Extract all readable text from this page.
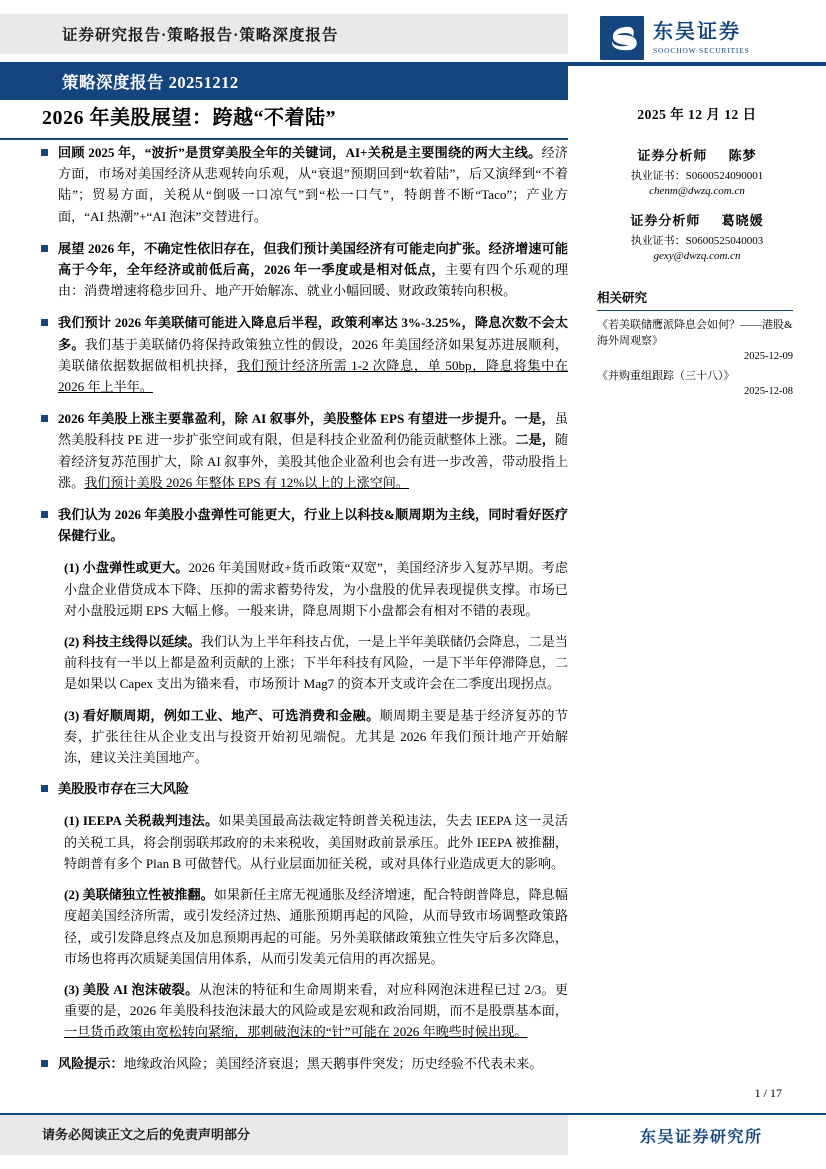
证券研究报告·策略报告·策略深度报告	东吴证券
SOOCHOW SECURITIES
策略深度报告 20251212
2026 年美股展望：跨越“不着陆”	2025 年 12 月 12 日
证券分析师 陈梦
执业证书：S0600524090001
chenm@dwzq.com.cn
证券分析师 葛晓媛
执业证书：S0600525040003
gexy@dwzq.com.cn
相关研究
《若美联储鹰派降息会如何？——港股&海外周观察》
2025-12-09
《并购重组跟踪（三十八）》
2025-12-08
回顾 2025 年，“波折”是贯穿美股全年的关键词，AI+关税是主要围绕的两大主线。经济方面，市场对美国经济从悲观转向乐观，从“衰退”预期回到“软着陆”，后又演绎到“不着陆”；贸易方面，关税从“倒吸一口凉气”到“松一口气”，特朗普不断“Taco”；产业方面，“AI 热潮”+“AI 泡沫”交替进行。
展望 2026 年，不确定性依旧存在，但我们预计美国经济有可能走向扩张。经济增速可能高于今年，全年经济或前低后高，2026 年一季度或是相对低点，主要有四个乐观的理由：消费增速将稳步回升、地产开始解冻、就业小幅回暖、财政政策转向积极。
我们预计 2026 年美联储可能进入降息后半程，政策利率达 3%-3.25%，降息次数不会太多。我们基于美联储仍将保持政策独立性的假设，2026 年美国经济如果复苏进展顺利，美联储依据数据做相机抉择，我们预计经济所需 1-2 次降息，单 50bp，降息将集中在 2026 年上半年。
2026 年美股上涨主要靠盈利，除 AI 叙事外，美股整体 EPS 有望进一步提升。一是，虽然美股科技 PE 进一步扩张空间或有限，但是科技企业盈利仍能贡献整体上涨。二是，随着经济复苏范围扩大，除 AI 叙事外，美股其他企业盈利也会有进一步改善，带动股指上涨。我们预计美股 2026 年整体 EPS 有 12%以上的上涨空间。
我们认为 2026 年美股小盘弹性可能更大，行业上以科技&顺周期为主线，同时看好医疗保健行业。
(1) 小盘弹性或更大。2026 年美国财政+货币政策“双宽”，美国经济步入复苏早期。考虑小盘企业借贷成本下降、压抑的需求蓄势待发，为小盘股的优异表现提供支撑。市场已对小盘股远期 EPS 大幅上修。一般来讲，降息周期下小盘都会有相对不错的表现。
(2) 科技主线得以延续。我们认为上半年科技占优，一是上半年美联储仍会降息，二是当前科技有一半以上都是盈利贡献的上涨；下半年科技有风险，一是下半年停滞降息，二是如果以 Capex 支出为锚来看，市场预计 Mag7 的资本开支或许会在二季度出现拐点。
(3) 看好顺周期，例如工业、地产、可选消费和金融。顺周期主要是基于经济复苏的节奏，扩张往往从企业支出与投资开始初见端倪。尤其是 2026 年我们预计地产开始解冻，建议关注美国地产。
美股股市存在三大风险
(1) IEEPA 关税裁判违法。如果美国最高法裁定特朗普关税违法，失去 IEEPA 这一灵活的关税工具，将会削弱联邦政府的未来税收，美国财政前景承压。此外 IEEPA 被推翻，特朗普有多个 Plan B 可做替代。从行业层面加征关税，或对具体行业造成更大的影响。
(2) 美联储独立性被推翻。如果新任主席无视通胀及经济增速，配合特朗普降息，降息幅度超美国经济所需，或引发经济过热、通胀预期再起的风险，从而导致市场调整政策路径，或引发降息终点及加息预期再起的可能。另外美联储政策独立性失守后多次降息，市场也将再次质疑美国信用体系，从而引发美元信用的再次摇晃。
(3) 美股 AI 泡沫破裂。从泡沫的特征和生命周期来看，对应科网泡沫进程已过 2/3。更重要的是，2026 年美股科技泡沫最大的风险或是宏观和政治同期，而不是股票基本面，一旦货币政策由宽松转向紧缩，那刺破泡沫的“针”可能在 2026 年晚些时候出现。
风险提示：地缘政治风险；美国经济衰退；黑天鹅事件突发；历史经验不代表未来。
1 / 17
请务必阅读正文之后的免责声明部分	东吴证券研究所
